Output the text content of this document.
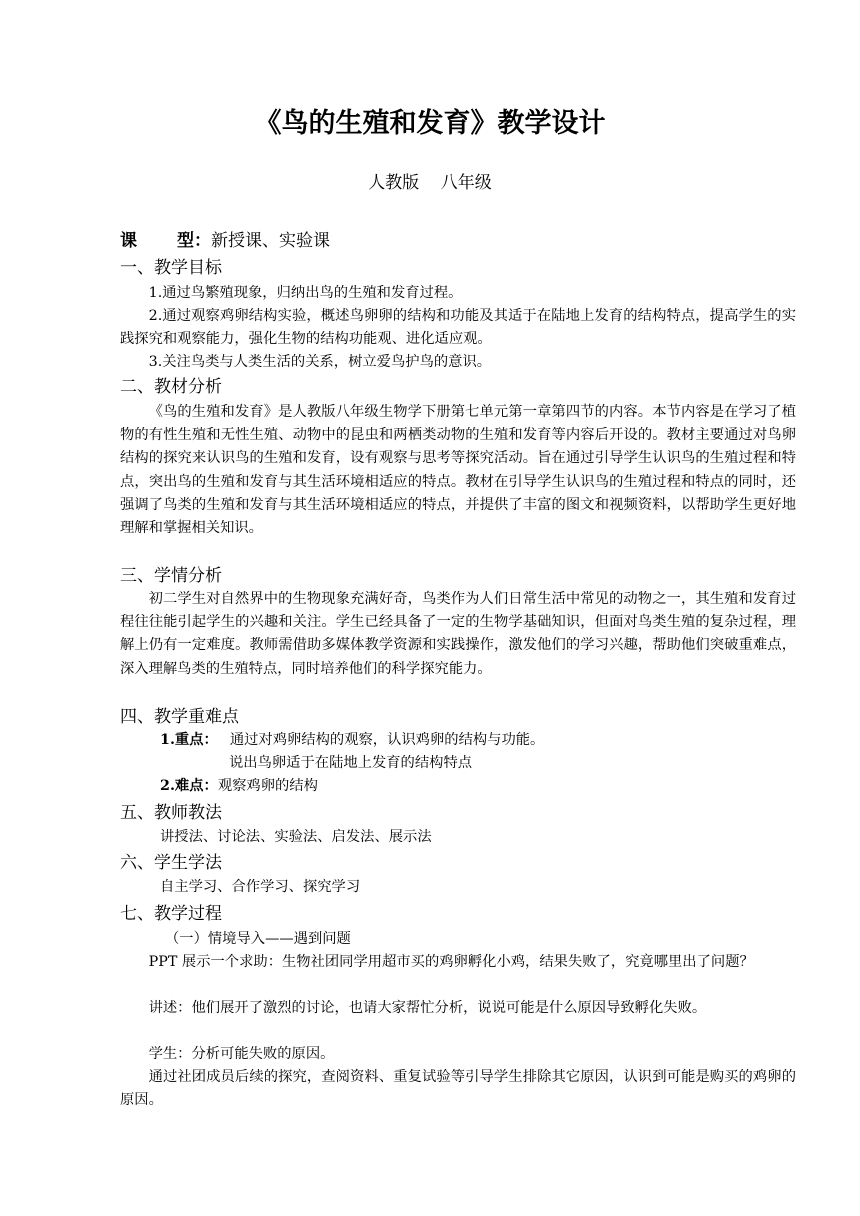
《鸟的生殖和发育》教学设计
人教版    八年级
课 型：新授课、实验课
一、教学目标

1.通过鸟繁殖现象，归纳出鸟的生殖和发育过程。

2.通过观察鸡卵结构实验，概述鸟卵卵的结构和功能及其适于在陆地上发育的结构特点，提高学生的实践探究和观察能力，强化生物的结构功能观、进化适应观。

3.关注鸟类与人类生活的关系，树立爱鸟护鸟的意识。

二、教材分析

《鸟的生殖和发育》是人教版八年级生物学下册第七单元第一章第四节的内容。本节内容是在学习了植物的有性生殖和无性生殖、动物中的昆虫和两栖类动物的生殖和发育等内容后开设的。教材主要通过对鸟卵结构的探究来认识鸟的生殖和发育，设有观察与思考等探究活动。旨在通过引导学生认识鸟的生殖过程和特点，突出鸟的生殖和发育与其生活环境相适应的特点。教材在引导学生认识鸟的生殖过程和特点的同时，还强调了鸟类的生殖和发育与其生活环境相适应的特点，并提供了丰富的图文和视频资料，以帮助学生更好地理解和掌握相关知识。

三、学情分析

初二学生对自然界中的生物现象充满好奇，鸟类作为人们日常生活中常见的动物之一，其生殖和发育过程往往能引起学生的兴趣和关注。学生已经具备了一定的生物学基础知识，但面对鸟类生殖的复杂过程，理解上仍有一定难度。教师需借助多媒体教学资源和实践操作，激发他们的学习兴趣，帮助他们突破重难点，深入理解鸟类的生殖特点，同时培养他们的科学探究能力。

四、教学重难点
1.重点： 通过对鸡卵结构的观察，认识鸡卵的结构与功能。
说出鸟卵适于在陆地上发育的结构特点
2.难点：观察鸡卵的结构
五、教师教法
讲授法、讨论法、实验法、启发法、展示法
六、学生学法
自主学习、合作学习、探究学习
七、教学过程
（一）情境导入——遇到问题

PPT 展示一个求助：生物社团同学用超市买的鸡卵孵化小鸡，结果失败了，究竟哪里出了问题？

讲述：他们展开了激烈的讨论，也请大家帮忙分析，说说可能是什么原因导致孵化失败。

学生：分析可能失败的原因。

通过社团成员后续的探究，查阅资料、重复试验等引导学生排除其它原因，认识到可能是购买的鸡卵的原因。
